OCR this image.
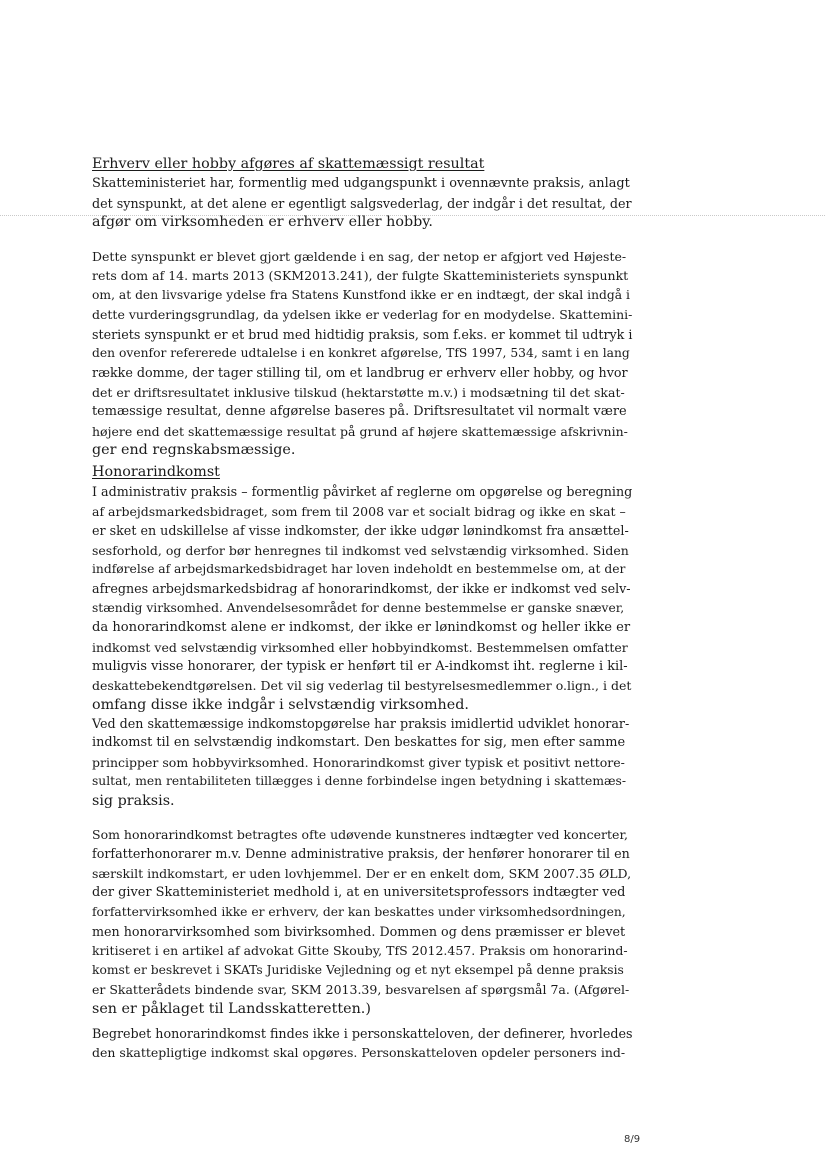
Erhverv eller hobby afgøres af skattemæssigt resultat
Skatteministeriet har, formentlig med udgangspunkt i ovennævnte praksis, anlagt
det synspunkt, at det alene er egentligt salgsvederlag, der indgår i det resultat, der
afgør om virksomheden er erhverv eller hobby.
Dette synspunkt er blevet gjort gældende i en sag, der netop er afgjort ved Højeste-
rets dom af 14. marts 2013 (SKM2013.241), der fulgte Skatteministeriets synspunkt
om, at den livsvarige ydelse fra Statens Kunstfond ikke er en indtægt, der skal indgå i
dette vurderingsgrundlag, da ydelsen ikke er vederlag for en modydelse. Skattemini-
steriets synspunkt er et brud med hidtidig praksis, som f.eks. er kommet til udtryk i
den ovenfor refererede udtalelse i en konkret afgørelse, TfS 1997, 534, samt i en lang
række domme, der tager stilling til, om et landbrug er erhverv eller hobby, og hvor
det er driftsresultatet inklusive tilskud (hektarstøtte m.v.) i modsætning til det skat-
temæssige resultat, denne afgørelse baseres på. Driftsresultatet vil normalt være
højere end det skattemæssige resultat på grund af højere skattemæssige afskrivnin-
ger end regnskabsmæssige.
Honorarindkomst
I administrativ praksis – formentlig påvirket af reglerne om opgørelse og beregning
af arbejdsmarkedsbidraget, som frem til 2008 var et socialt bidrag og ikke en skat –
er sket en udskillelse af visse indkomster, der ikke udgør lønindkomst fra ansættel-
sesforhold, og derfor bør henregnes til indkomst ved selvstændig virksomhed. Siden
indførelse af arbejdsmarkedsbidraget har loven indeholdt en bestemmelse om, at der
afregnes arbejdsmarkedsbidrag af honorarindkomst, der ikke er indkomst ved selv-
stændig virksomhed. Anvendelsesområdet for denne bestemmelse er ganske snæver,
da honorarindkomst alene er indkomst, der ikke er lønindkomst og heller ikke er
indkomst ved selvstændig virksomhed eller hobbyindkomst. Bestemmelsen omfatter
muligvis visse honorarer, der typisk er henført til er A-indkomst iht. reglerne i kil-
deskattebekendtgørelsen. Det vil sig vederlag til bestyrelsesmedlemmer o.lign., i det
omfang disse ikke indgår i selvstændig virksomhed.
Ved den skattemæssige indkomstopgørelse har praksis imidlertid udviklet honorar-
indkomst til en selvstændig indkomstart. Den beskattes for sig, men efter samme
principper som hobbyvirksomhed. Honorarindkomst giver typisk et positivt nettore-
sultat, men rentabiliteten tillægges i denne forbindelse ingen betydning i skattemæs-
sig praksis.
Som honorarindkomst betragtes ofte udøvende kunstneres indtægter ved koncerter,
forfatterhonorarer m.v. Denne administrative praksis, der henfører honorarer til en
særskilt indkomstart, er uden lovhjemmel. Der er en enkelt dom, SKM 2007.35 ØLD,
der giver Skatteministeriet medhold i, at en universitetsprofessors indtægter ved
forfattervirksomhed ikke er erhverv, der kan beskattes under virksomhedsordningen,
men honorarvirksomhed som bivirksomhed. Dommen og dens præmisser er blevet
kritiseret i en artikel af advokat Gitte Skouby, TfS 2012.457. Praksis om honorarind-
komst er beskrevet i SKATs Juridiske Vejledning og et nyt eksempel på denne praksis
er Skatterådets bindende svar, SKM 2013.39, besvarelsen af spørgsmål 7a. (Afgørel-
sen er påklaget til Landsskatteretten.)
Begrebet honorarindkomst findes ikke i personskatteloven, der definerer, hvorledes
den skattepligtige indkomst skal opgøres. Personskatteloven opdeler personers ind-
8/9
